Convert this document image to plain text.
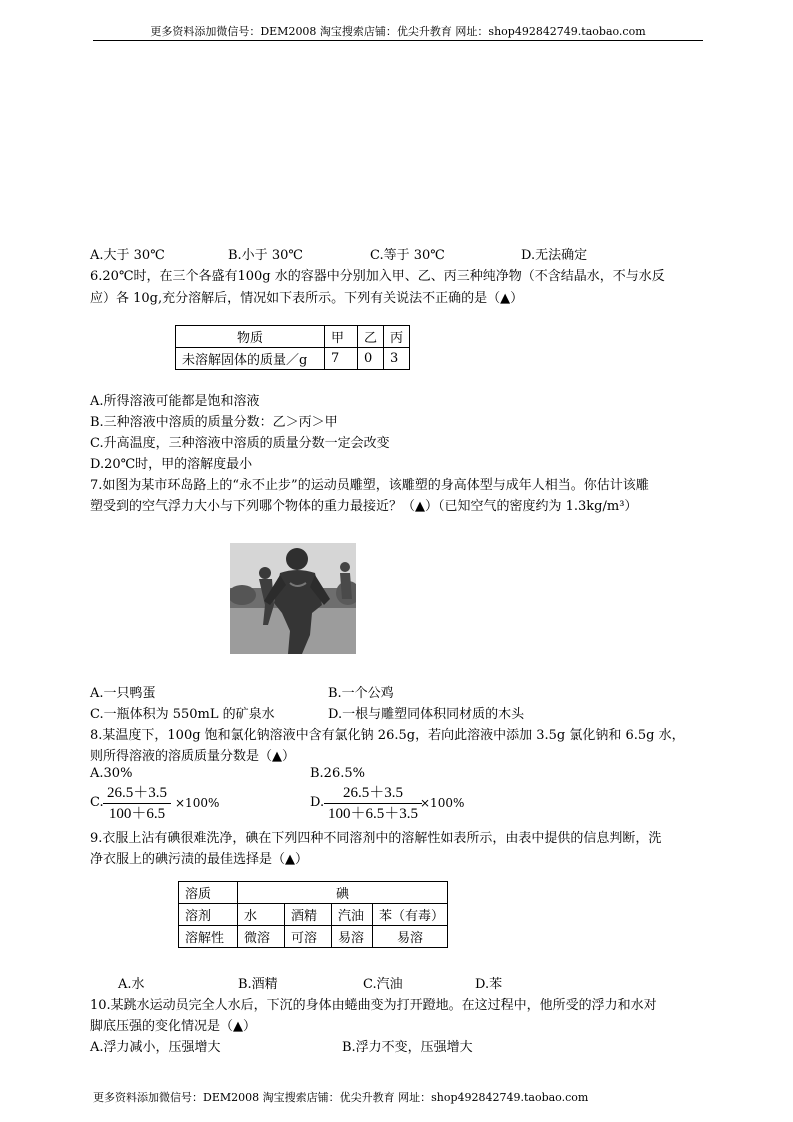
更多资料添加微信号：DEM2008 淘宝搜索店铺：优尖升教育 网址：shop492842749.taobao.com
A.大于 30℃	B.小于 30℃	C.等于 30℃	D.无法确定
6.20℃时，在三个各盛有100g 水的容器中分别加入甲、乙、丙三种纯净物（不含结晶水，不与水反
应）各 10g,充分溶解后，情况如下表所示。下列有关说法不正确的是（▲）
物质	甲	乙	丙
未溶解固体的质量／g	7	0	3
A.所得溶液可能都是饱和溶液
B.三种溶液中溶质的质量分数：乙＞丙＞甲
C.升高温度，三种溶液中溶质的质量分数一定会改变
D.20℃时，甲的溶解度最小
7.如图为某市环岛路上的“永不止步”的运动员雕塑，该雕塑的身高体型与成年人相当。你估计该雕
塑受到的空气浮力大小与下列哪个物体的重力最接近？（▲）（已知空气的密度约为 1.3kg/m³）
A.一只鸭蛋	B.一个公鸡
C.一瓶体积为 550mL 的矿泉水	D.一根与雕塑同体积同材质的木头
8.某温度下，100g 饱和氯化钠溶液中含有氯化钠 26.5g，若向此溶液中添加 3.5g 氯化钠和 6.5g 水，
则所得溶液的溶质质量分数是（▲）
A.30%	B.26.5%
C. $\frac{26.5+3.5}{100+6.5} \times 100\%$	D. $\frac{26.5+3.5}{100+6.5+3.5}$
×100%
9.衣服上沾有碘很难洗净，碘在下列四种不同溶剂中的溶解性如表所示，由表中提供的信息判断，洗
净衣服上的碘污渍的最佳选择是（▲）
溶质	碘			
溶剂	水	酒精	汽油	苯（有毒）
溶解性	微溶	可溶	易溶	易溶
A.水	B.酒精	C.汽油	D.苯
10.某跳水运动员完全人水后，下沉的身体由蜷曲变为打开蹬地。在这过程中，他所受的浮力和水对
脚底压强的变化情况是（▲）
A.浮力减小，压强增大	B.浮力不变，压强增大
更多资料添加微信号：DEM2008 淘宝搜索店铺：优尖升教育 网址：shop492842749.taobao.com
